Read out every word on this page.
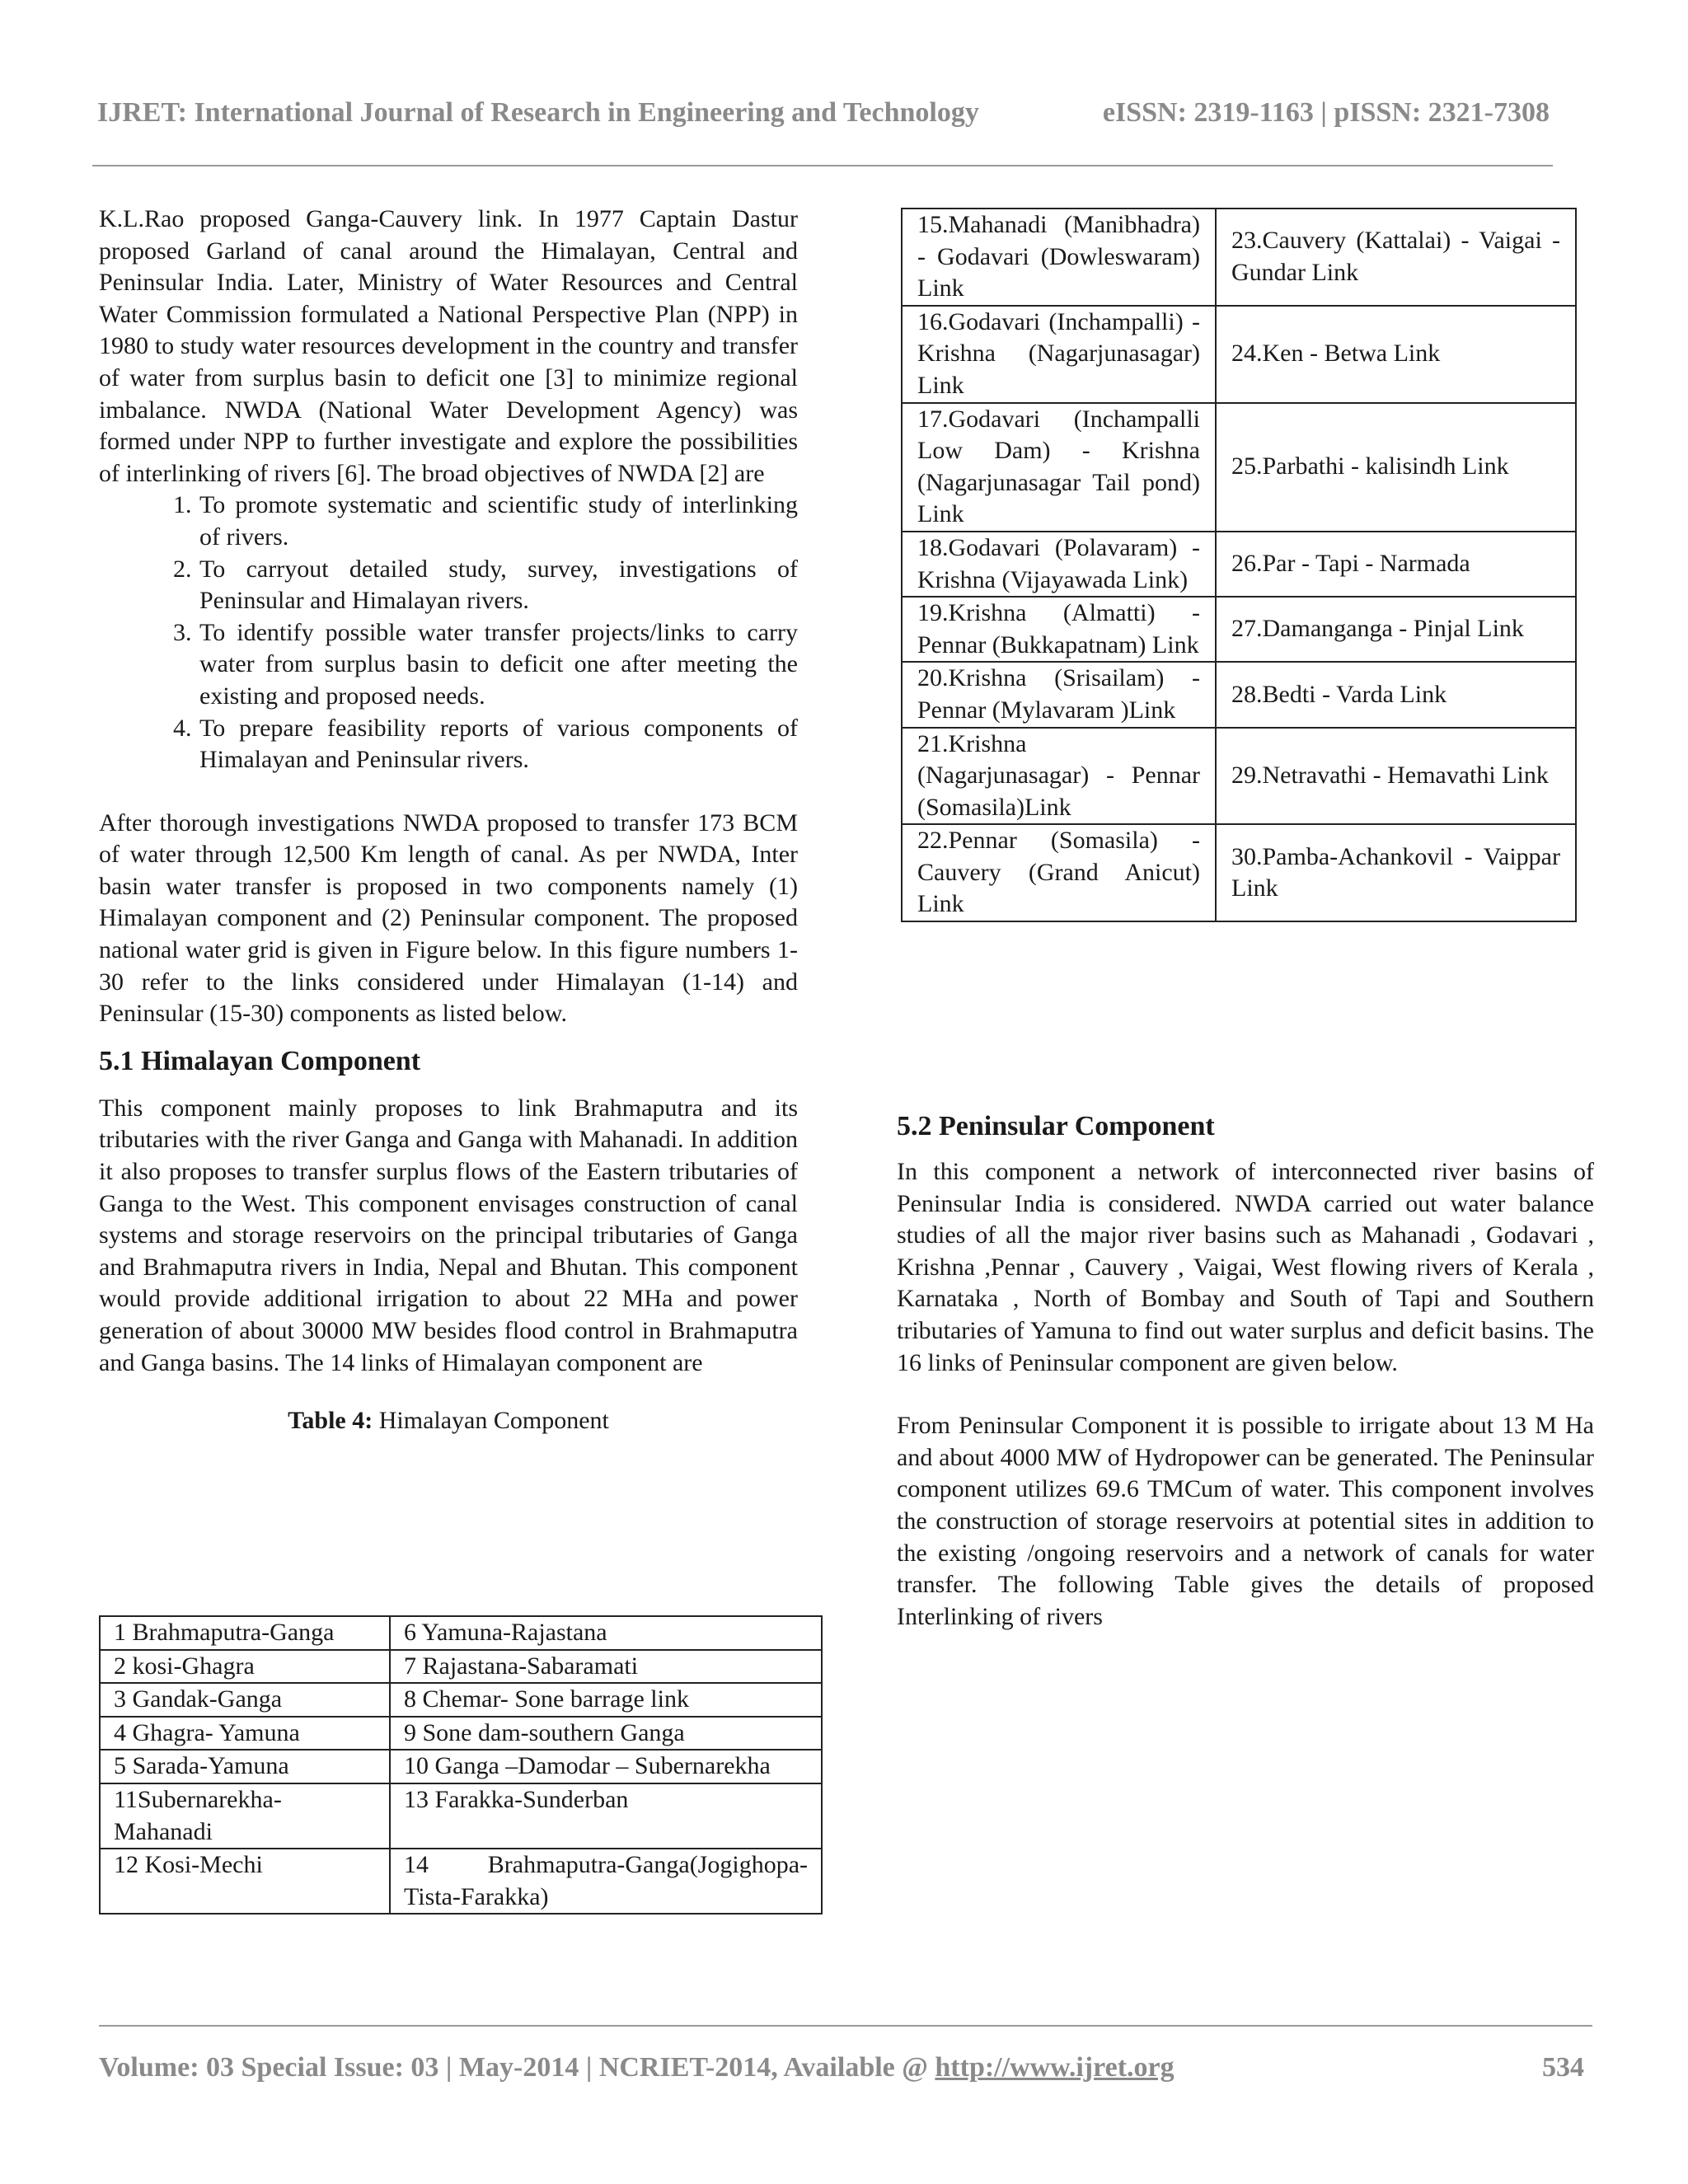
IJRET: International Journal of Research in Engineering and Technology	eISSN: 2319-1163 | pISSN: 2321-7308

K.L.Rao proposed Ganga-Cauvery link. In 1977 Captain Dastur proposed Garland of canal around the Himalayan, Central and Peninsular India. Later, Ministry of Water Resources and Central Water Commission formulated a National Perspective Plan (NPP) in 1980 to study water resources development in the country and transfer of water from surplus basin to deficit one [3] to minimize regional imbalance. NWDA (National Water Development Agency) was formed under NPP to further investigate and explore the possibilities of interlinking of rivers [6]. The broad objectives of NWDA [2] are

1. To promote systematic and scientific study of interlinking of rivers.
2. To carryout detailed study, survey, investigations of Peninsular and Himalayan rivers.
3. To identify possible water transfer projects/links to carry water from surplus basin to deficit one after meeting the existing and proposed needs.
4. To prepare feasibility reports of various components of Himalayan and Peninsular rivers.

After thorough investigations NWDA proposed to transfer 173 BCM of water through 12,500 Km length of canal. As per NWDA, Inter basin water transfer is proposed in two components namely (1) Himalayan component and (2) Peninsular component. The proposed national water grid is given in Figure below. In this figure numbers 1-30 refer to the links considered under Himalayan (1-14) and Peninsular (15-30) components as listed below.

5.1 Himalayan Component

This component mainly proposes to link Brahmaputra and its tributaries with the river Ganga and Ganga with Mahanadi. In addition it also proposes to transfer surplus flows of the Eastern tributaries of Ganga to the West. This component envisages construction of canal systems and storage reservoirs on the principal tributaries of Ganga and Brahmaputra rivers in India, Nepal and Bhutan. This component would provide additional irrigation to about 22 MHa and power generation of about 30000 MW besides flood control in Brahmaputra and Ganga basins. The 14 links of Himalayan component are

Table 4: Himalayan Component
1 Brahmaputra-Ganga	6 Yamuna-Rajastana
2 kosi-Ghagra	7 Rajastana-Sabaramati
3 Gandak-Ganga	8 Chemar- Sone barrage link
4 Ghagra- Yamuna	9 Sone dam-southern Ganga
5 Sarada-Yamuna	10 Ganga –Damodar – Subernarekha
11Subernarekha-Mahanadi	13 Farakka-Sunderban
12 Kosi-Mechi	14 Brahmaputra-Ganga(Jogighopa-Tista-Farakka)
15.Mahanadi (Manibhadra) - Godavari (Dowleswaram) Link	23.Cauvery (Kattalai) - Vaigai - Gundar Link
16.Godavari (Inchampalli) - Krishna (Nagarjunasagar) Link	24.Ken - Betwa Link
17.Godavari (Inchampalli Low Dam) - Krishna (Nagarjunasagar Tail pond) Link	25.Parbathi - kalisindh Link
18.Godavari (Polavaram) - Krishna (Vijayawada Link)	26.Par - Tapi - Narmada
19.Krishna (Almatti) - Pennar (Bukkapatnam) Link	27.Damanganga - Pinjal Link
20.Krishna (Srisailam) - Pennar (Mylavaram )Link	28.Bedti - Varda Link
21.Krishna (Nagarjunasagar) - Pennar (Somasila)Link	29.Netravathi - Hemavathi Link
22.Pennar (Somasila) - Cauvery (Grand Anicut) Link	30.Pamba-Achankovil - Vaippar Link
5.2 Peninsular Component

In this component a network of interconnected river basins of Peninsular India is considered. NWDA carried out water balance studies of all the major river basins such as Mahanadi , Godavari , Krishna ,Pennar , Cauvery , Vaigai, West flowing rivers of Kerala , Karnataka , North of Bombay and South of Tapi and Southern tributaries of Yamuna to find out water surplus and deficit basins. The 16 links of Peninsular component are given below.

From Peninsular Component it is possible to irrigate about 13 M Ha and about 4000 MW of Hydropower can be generated. The Peninsular component utilizes 69.6 TMCum of water. This component involves the construction of storage reservoirs at potential sites in addition to the existing /ongoing reservoirs and a network of canals for water transfer. The following Table gives the details of proposed Interlinking of rivers

Volume: 03 Special Issue: 03 | May-2014 | NCRIET-2014, Available @ http://www.ijret.org	534
